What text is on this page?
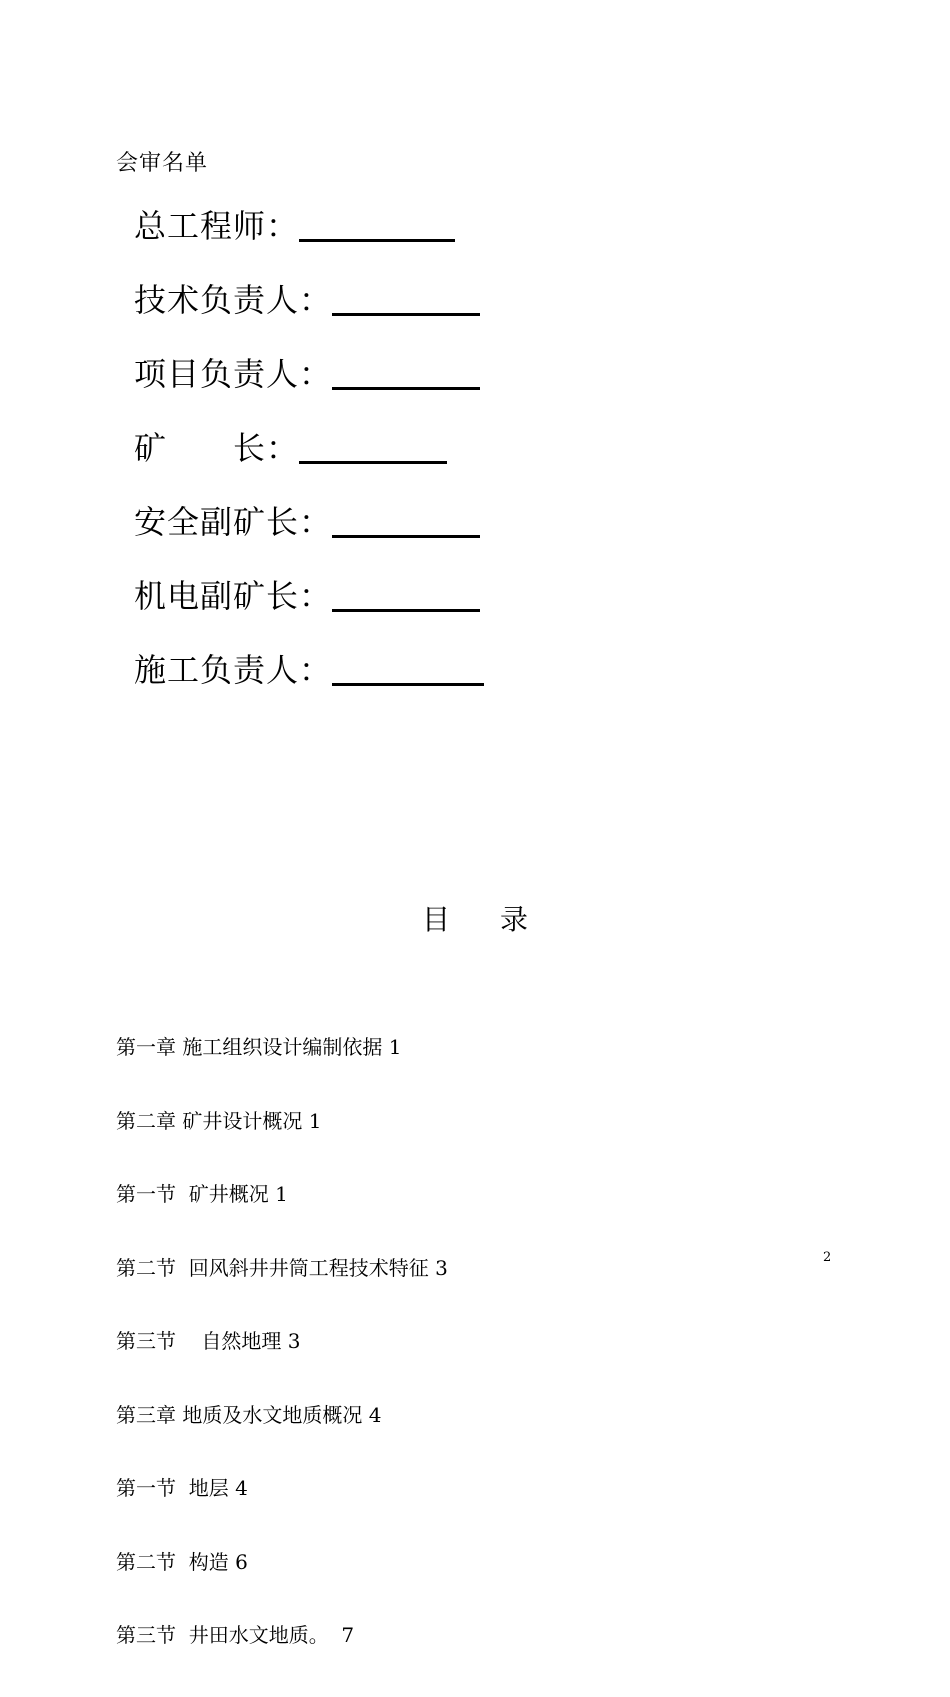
会审名单
总工程师：
技术负责人：
项目负责人：
矿　　长：
安全副矿长：
机电副矿长：
施工负责人：
目 录

第一章 施工组织设计编制依据 1

第二章 矿井设计概况 1

第一节  矿井概况 1

第二节  回风斜井井筒工程技术特征 3

第三节    自然地理 3

第三章 地质及水文地质概况 4

第一节  地层 4

第二节  构造 6

第三节  井田水文地质。  7

2
